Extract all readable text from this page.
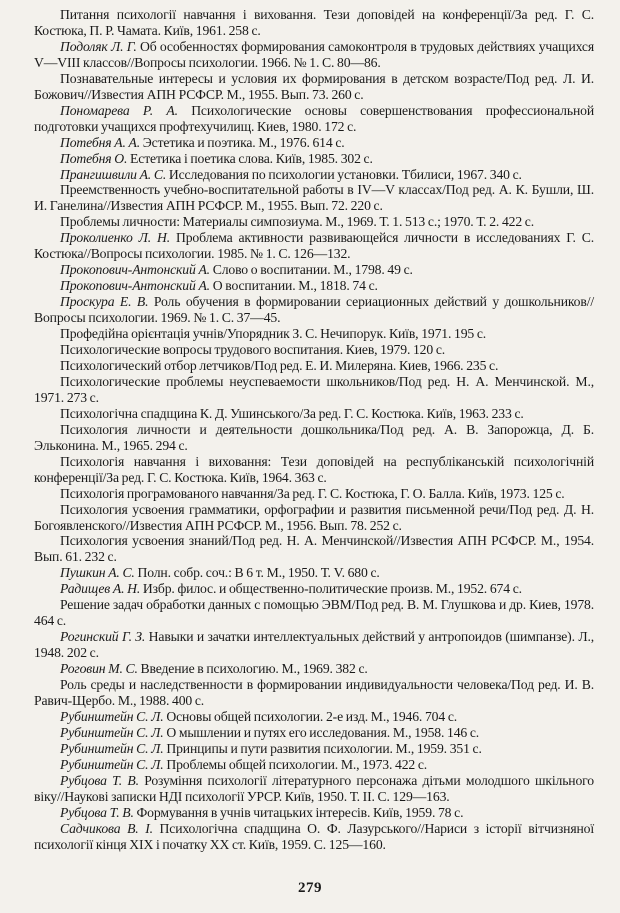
Питання психології навчання і виховання. Тези доповідей на конференції/За ред. Г. С. Костюка, П. Р. Чамата. Київ, 1961. 258 с.

Подоляк Л. Г. Об особенностях формирования самоконтроля в трудовых действиях учащихся V—VIII классов//Вопросы психологии. 1966. № 1. С. 80—86.

Познавательные интересы и условия их формирования в детском возрасте/Под ред. Л. И. Божович//Известия АПН РСФСР. М., 1955. Вып. 73. 260 с.

Пономарева Р. А. Психологические основы совершенствования профессиональной подготовки учащихся профтехучилищ. Киев, 1980. 172 с.

Потебня А. А. Эстетика и поэтика. М., 1976. 614 с.

Потебня О. Естетика і поетика слова. Київ, 1985. 302 с.

Прангишвили А. С. Исследования по психологии установки. Тбилиси, 1967. 340 с.

Преемственность учебно-воспитательной работы в IV—V классах/Под ред. А. К. Бушли, Ш. И. Ганелина//Известия АПН РСФСР. М., 1955. Вып. 72. 220 с.

Проблемы личности: Материалы симпозиума. М., 1969. Т. 1. 513 с.; 1970. Т. 2. 422 с.

Проколиенко Л. Н. Проблема активности развивающейся личности в исследованиях Г. С. Костюка//Вопросы психологии. 1985. № 1. С. 126—132.

Прокопович-Антонский А. Слово о воспитании. М., 1798. 49 с.

Прокопович-Антонский А. О воспитании. М., 1818. 74 с.

Проскура Е. В. Роль обучения в формировании сериационных действий у дошкольников//Вопросы психологии. 1969. № 1. С. 37—45.

Профедійна орієнтація учнів/Упорядник З. С. Нечипорук. Київ, 1971. 195 с.

Психологические вопросы трудового воспитания. Киев, 1979. 120 с.

Психологический отбор летчиков/Под ред. Е. И. Милеряна. Киев, 1966. 235 с.

Психологические проблемы неуспеваемости школьников/Под ред. Н. А. Менчинской. М., 1971. 273 с.

Психологічна спадщина К. Д. Ушинського/За ред. Г. С. Костюка. Київ, 1963. 233 с.

Психология личности и деятельности дошкольника/Под ред. А. В. Запорожца, Д. Б. Эльконина. М., 1965. 294 с.

Психологія навчання і виховання: Тези доповідей на республіканській психологічній конференції/За ред. Г. С. Костюка. Київ, 1964. 363 с.

Психологія програмованого навчання/За ред. Г. С. Костюка, Г. О. Балла. Київ, 1973. 125 с.

Психология усвоения грамматики, орфографии и развития письменной речи/Под ред. Д. Н. Богоявленского//Известия АПН РСФСР. М., 1956. Вып. 78. 252 с.

Психология усвоения знаний/Под ред. Н. А. Менчинской//Известия АПН РСФСР. М., 1954. Вып. 61. 232 с.

Пушкин А. С. Полн. собр. соч.: В 6 т. М., 1950. Т. V. 680 с.

Радищев А. Н. Избр. филос. и общественно-политические произв. М., 1952. 674 с.

Решение задач обработки данных с помощью ЭВМ/Под ред. В. М. Глушкова и др. Киев, 1978. 464 с.

Рогинский Г. З. Навыки и зачатки интеллектуальных действий у антропоидов (шимпанзе). Л., 1948. 202 с.

Роговин М. С. Введение в психологию. М., 1969. 382 с.

Роль среды и наследственности в формировании индивидуальности человека/Под ред. И. В. Равич-Щербо. М., 1988. 400 с.

Рубинштейн С. Л. Основы общей психологии. 2-е изд. М., 1946. 704 с.

Рубинштейн С. Л. О мышлении и путях его исследования. М., 1958. 146 с.

Рубинштейн С. Л. Принципы и пути развития психологии. М., 1959. 351 с.

Рубинштейн С. Л. Проблемы общей психологии. М., 1973. 422 с.

Рубцова Т. В. Розуміння психології літературного персонажа дітьми молодшого шкільного віку//Наукові записки НДІ психології УРСР. Київ, 1950. Т. II. С. 129—163.

Рубцова Т. В. Формування в учнів читацьких інтересів. Київ, 1959. 78 с.

Садчикова В. І. Психологічна спадщина О. Ф. Лазурського//Нариси з історії вітчизняної психології кінця XIX і початку XX ст. Київ, 1959. С. 125—160.

279
